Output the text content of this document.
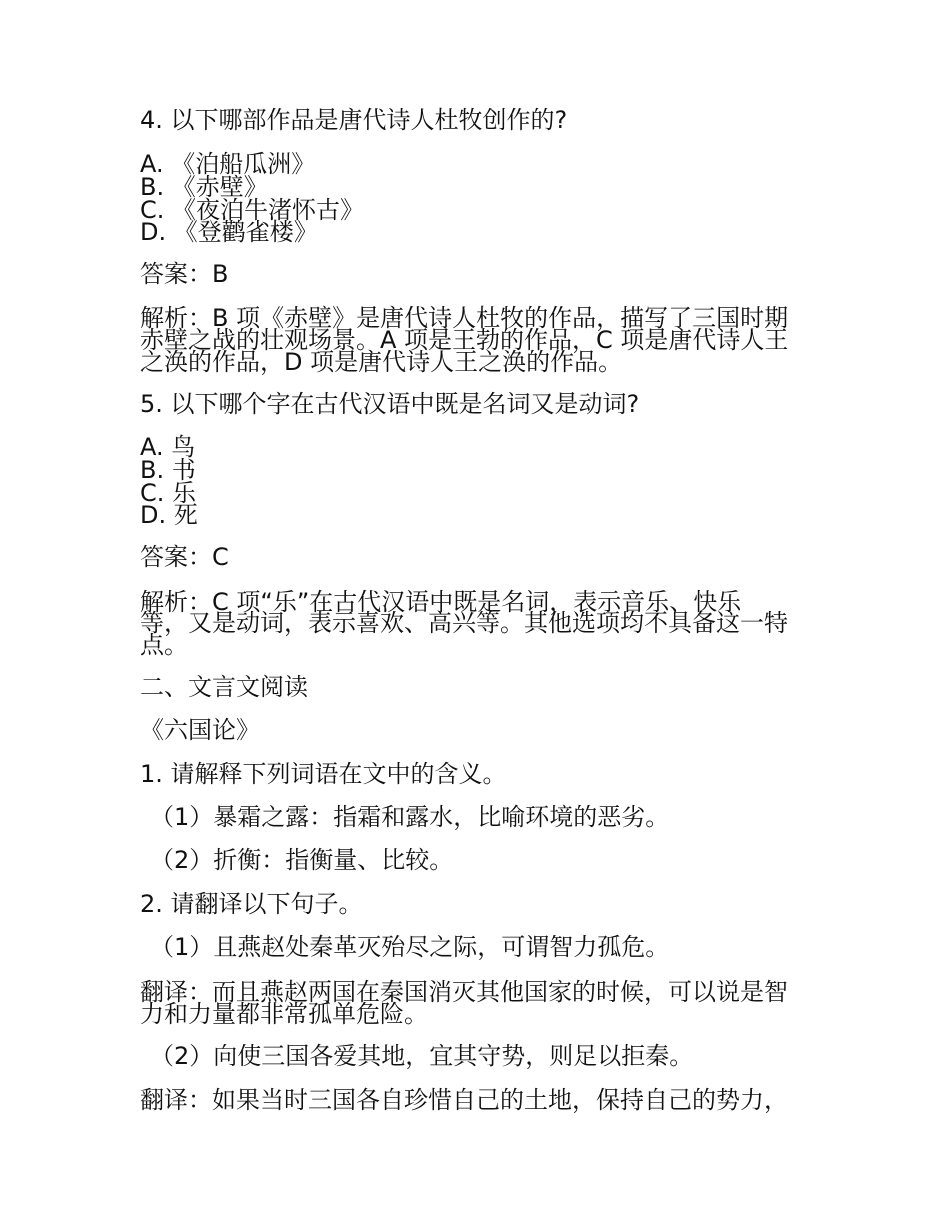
4. 以下哪部作品是唐代诗人杜牧创作的?
A. 《泊船瓜洲》
B. 《赤壁》
C. 《夜泊牛渚怀古》
D. 《登鹳雀楼》
答案：B
解析：B 项《赤壁》是唐代诗人杜牧的作品，描写了三国时期
赤壁之战的壮观场景。A 项是王勃的作品，C 项是唐代诗人王
之涣的作品，D 项是唐代诗人王之涣的作品。
5. 以下哪个字在古代汉语中既是名词又是动词?
A. 鸟
B. 书
C. 乐
D. 死
答案：C
解析：C 项“乐”在古代汉语中既是名词，表示音乐、快乐
等，又是动词，表示喜欢、高兴等。其他选项均不具备这一特
点。
二、文言文阅读
《六国论》
1. 请解释下列词语在文中的含义。
（1）暴霜之露：指霜和露水，比喻环境的恶劣。
（2）折衡：指衡量、比较。
2. 请翻译以下句子。
（1）且燕赵处秦革灭殆尽之际，可谓智力孤危。
翻译：而且燕赵两国在秦国消灭其他国家的时候，可以说是智
力和力量都非常孤单危险。
（2）向使三国各爱其地，宜其守势，则足以拒秦。
翻译：如果当时三国各自珍惜自己的土地，保持自己的势力，
